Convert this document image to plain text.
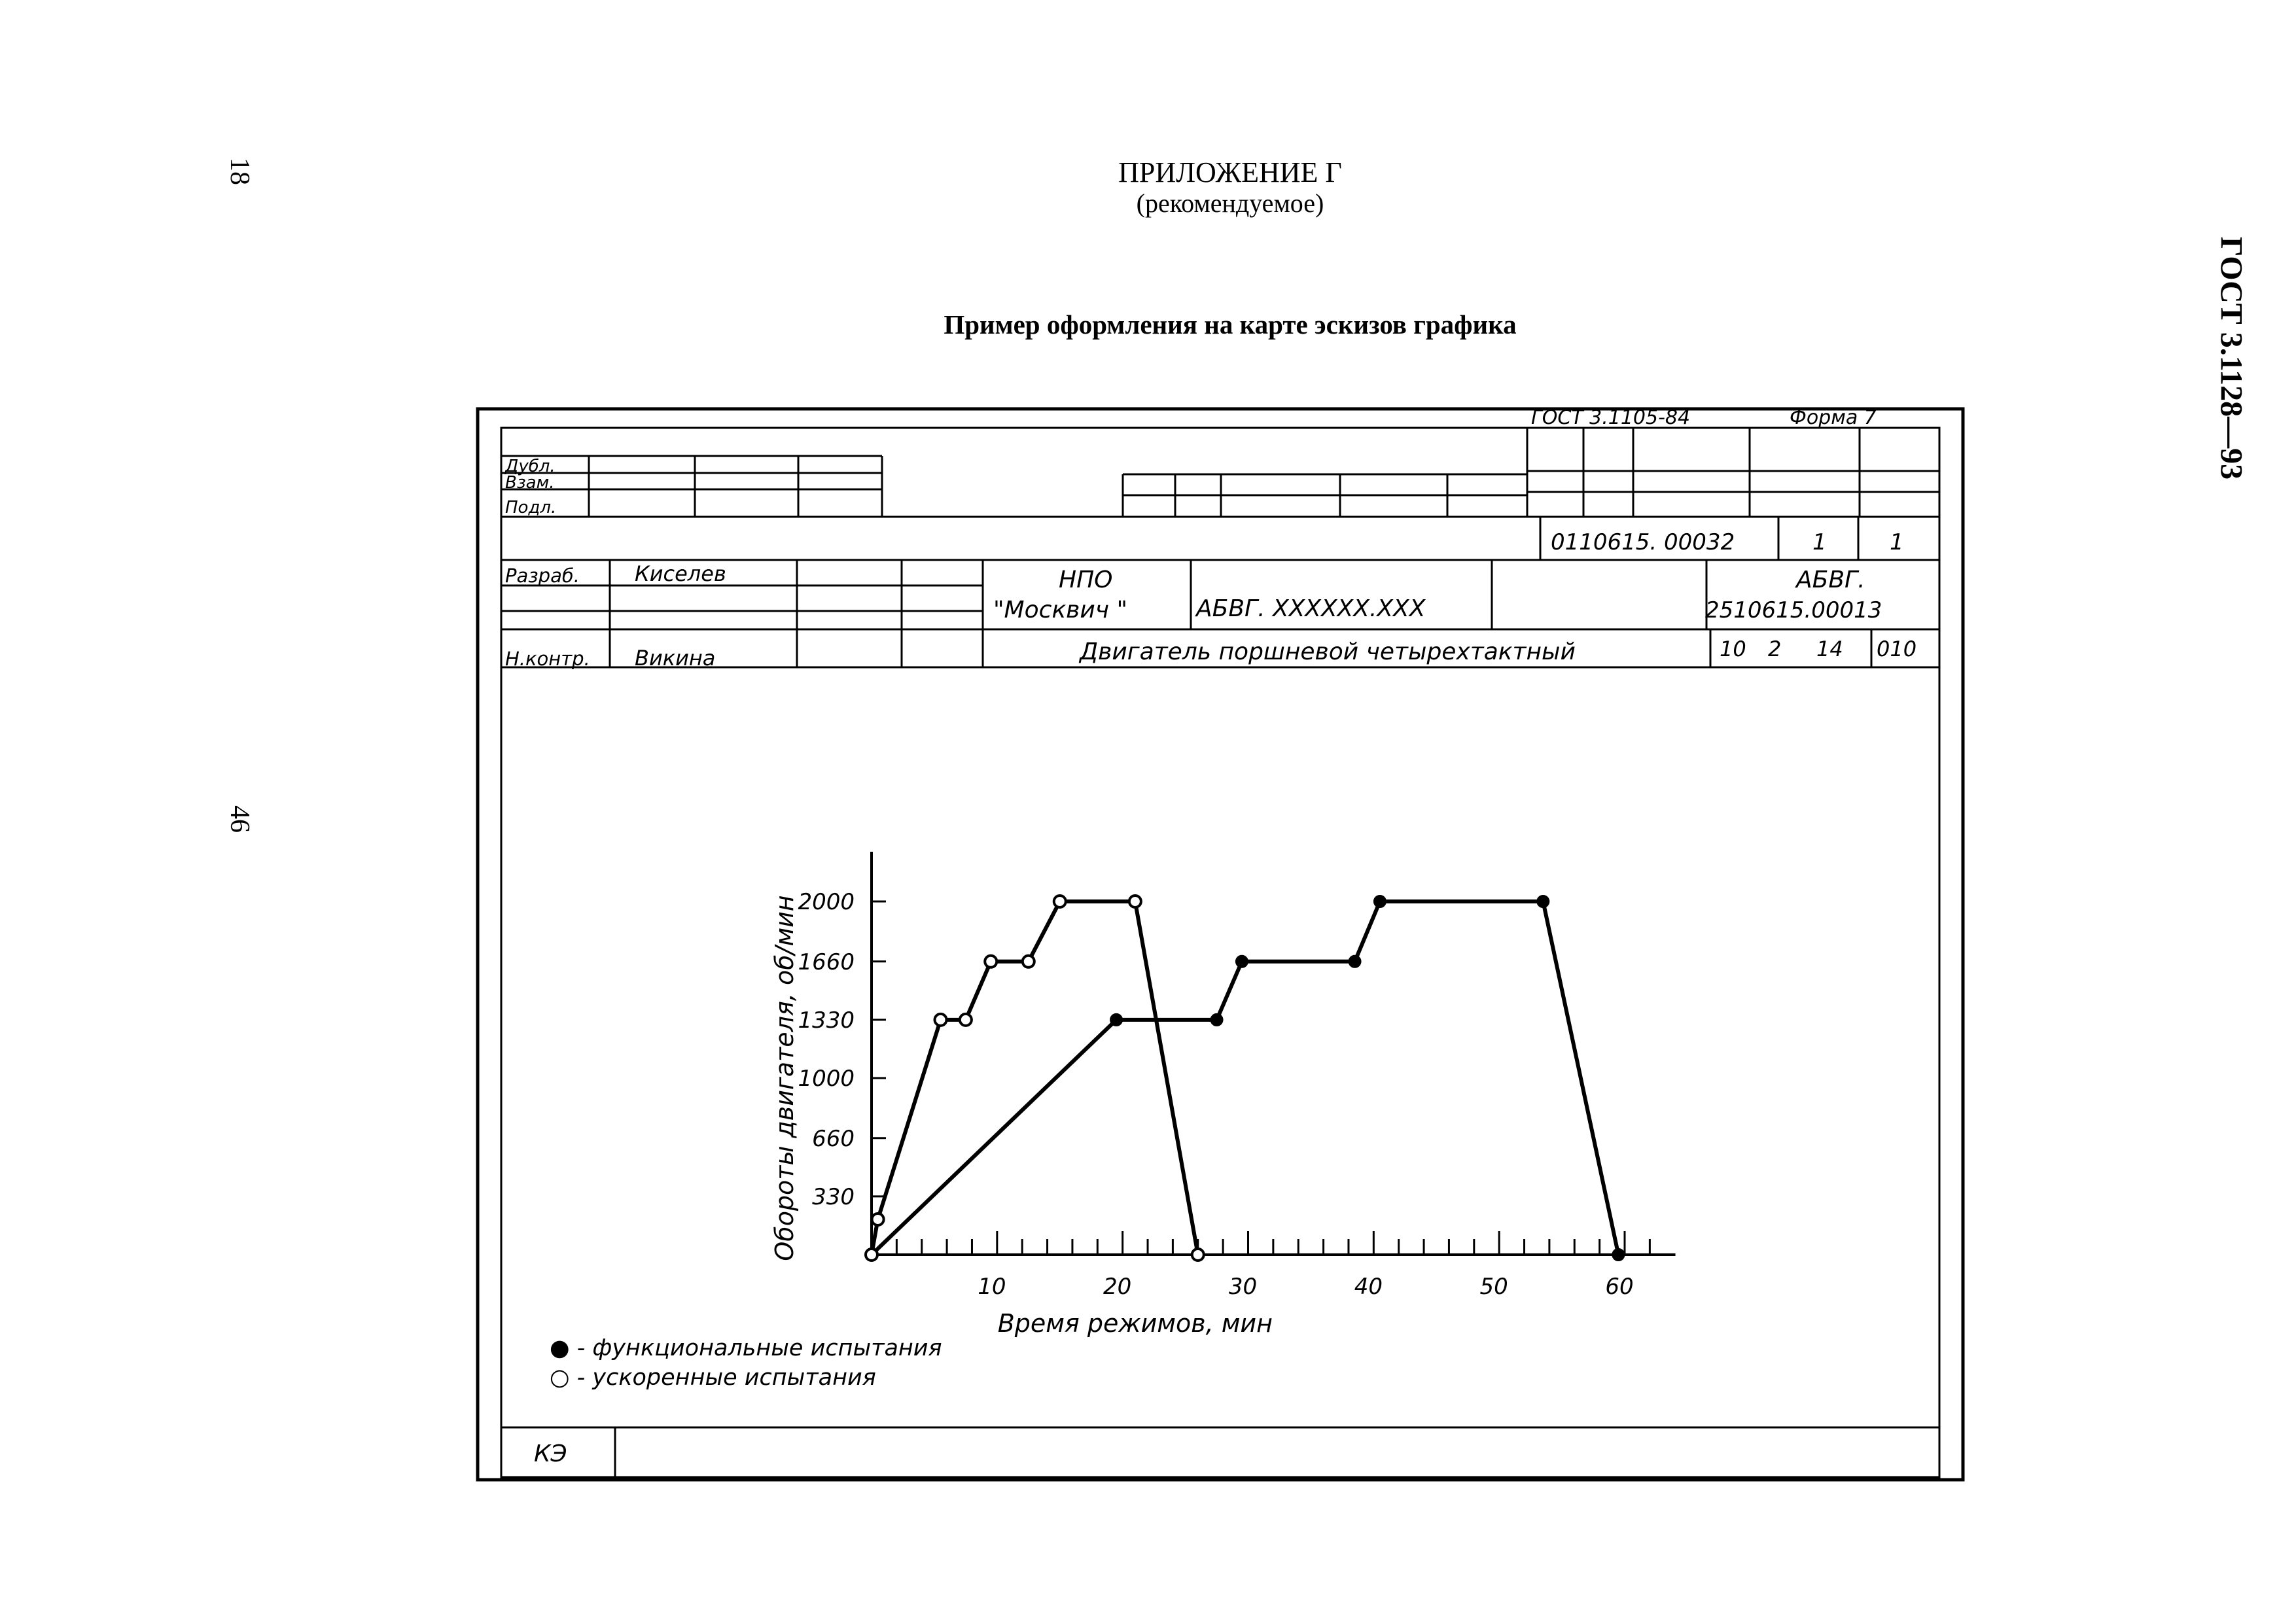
18
46
ГОСТ 3.1128—93
ПРИЛОЖЕНИЕ Г
(рекомендуемое)
Пример оформления на карте эскизов графика
ГОСТ 3.1105-84	Форма 7
Дубл.
Взам.
Подл.
0110615. 00032	1	1
Разраб.	Киселев
Н.контр. Викина
НПО
"Москвич "	АБВГ. XXXXXX.XXX
АБВГ.
2510615.00013
Двигатель поршневой четырехтактный	10 2 14 010
КЭ
● - функциональные испытания
○ - ускоренные испытания
10	20	30	40	50	60
330
660
1000
1330
1660
2000
Время режимов, мин
Обороты двигателя, об/мин
